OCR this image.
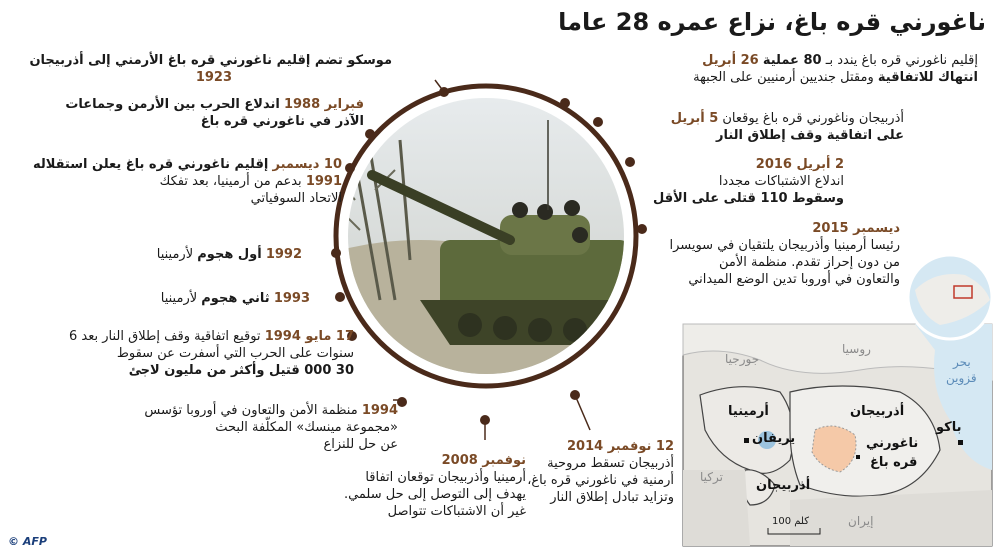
ناغورني قره باغ، نزاع عمره 28 عاما
موسكو تضم إقليم ناغورني قره باغ الأرمني إلى أذربيجان
1923
فبراير 1988 اندلاع الحرب بين الأرمن وجماعات
الآذر في ناغورني قره باغ
10 ديسمبر إقليم ناغورني قره باغ يعلن استقلاله
1991 بدعم من أرمينيا، بعد تفكك
الاتحاد السوفياتي
1992 أول هجوم لأرمينيا
1993 ثاني هجوم لأرمينيا
17 مايو 1994 توقيع اتفاقية وقف إطلاق النار بعد 6
سنوات على الحرب التي أسفرت عن سقوط
30 000 قتيل وأكثر من مليون لاجئ
1994 منظمة الأمن والتعاون في أوروبا تؤسس
«مجموعة مينسك» المكلّفة البحث
عن حل للنزاع
نوفمبر 2008
أرمينيا وأذربيجان توقعان اتفاقا
يهدف إلى التوصل إلى حل سلمي.
غير أن الاشتباكات تتواصل
إقليم ناغورني قره باغ يندد بـ 80 عملية 26 أبريل
انتهاك للاتفاقية ومقتل جنديين أرمنيين على الجبهة
أذربيجان وناغورني قره باغ يوقعان 5 أبريل
على اتفاقية وقف إطلاق النار
2 أبريل 2016
اندلاع الاشتباكات مجددا
وسقوط 110 قتلى على الأقل
ديسمبر 2015
رئيسا أرمينيا وأذربيجان يلتقيان في سويسرا
من دون إحراز تقدم. منظمة الأمن
والتعاون في أوروبا تدين الوضع الميداني
12 نوفمبر 2014
أذربيجان تسقط مروحية
أرمنية في ناغورني قره باغ،
وتزايد تبادل إطلاق النار
روسيا
جورجيا
أرمينيا
يريفان
أذربيجان
ناغورني
قره باغ
باكو
بحر
قزوين
تركيا
أذربيجان
إيران
100 كلم
© AFP
